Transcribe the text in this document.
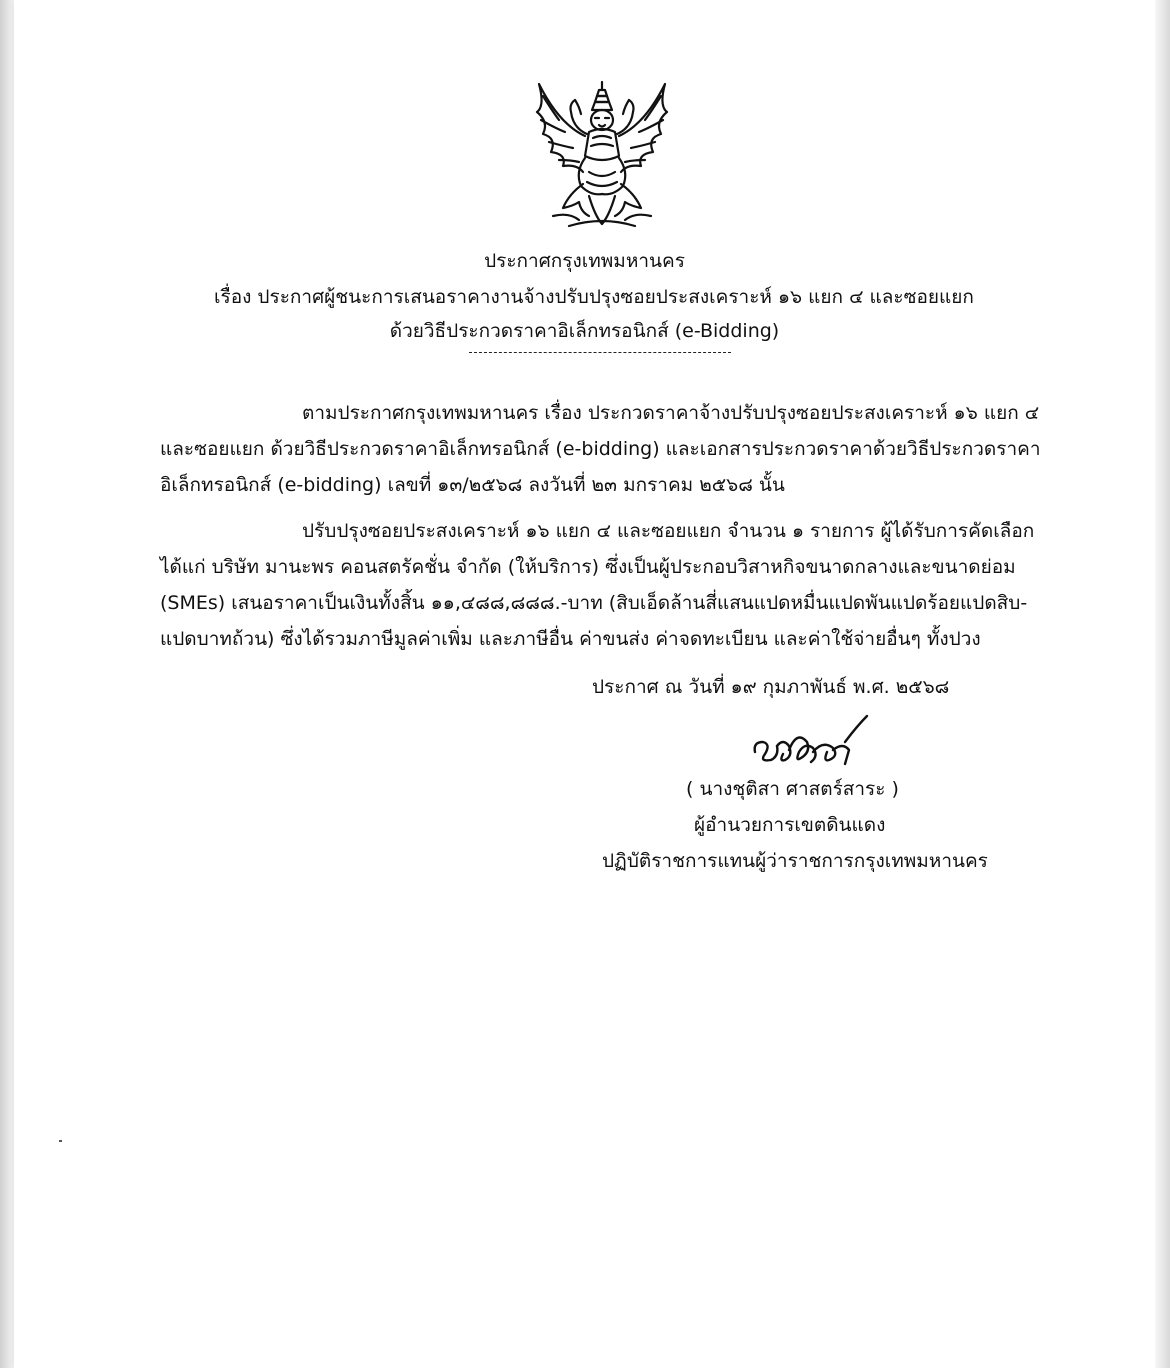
ประกาศกรุงเทพมหานคร
เรื่อง ประกาศผู้ชนะการเสนอราคางานจ้างปรับปรุงซอยประสงเคราะห์ ๑๖ แยก ๔ และซอยแยก
ด้วยวิธีประกวดราคาอิเล็กทรอนิกส์ (e-Bidding)
ตามประกาศกรุงเทพมหานคร เรื่อง ประกวดราคาจ้างปรับปรุงซอยประสงเคราะห์ ๑๖ แยก ๔
และซอยแยก ด้วยวิธีประกวดราคาอิเล็กทรอนิกส์ (e-bidding) และเอกสารประกวดราคาด้วยวิธีประกวดราคา
อิเล็กทรอนิกส์ (e-bidding) เลขที่ ๑๓/๒๕๖๘ ลงวันที่ ๒๓ มกราคม ๒๕๖๘ นั้น
ปรับปรุงซอยประสงเคราะห์ ๑๖ แยก ๔ และซอยแยก จำนวน ๑ รายการ ผู้ได้รับการคัดเลือก
ได้แก่ บริษัท มานะพร คอนสตรัคชั่น จำกัด (ให้บริการ) ซึ่งเป็นผู้ประกอบวิสาหกิจขนาดกลางและขนาดย่อม
(SMEs) เสนอราคาเป็นเงินทั้งสิ้น ๑๑,๔๘๘,๘๘๘.-บาท (สิบเอ็ดล้านสี่แสนแปดหมื่นแปดพันแปดร้อยแปดสิบ-
แปดบาทถ้วน) ซึ่งได้รวมภาษีมูลค่าเพิ่ม และภาษีอื่น ค่าขนส่ง ค่าจดทะเบียน และค่าใช้จ่ายอื่นๆ ทั้งปวง
ประกาศ ณ วันที่ ๑๙ กุมภาพันธ์ พ.ศ. ๒๕๖๘
( นางชุติสา ศาสตร์สาระ )
ผู้อำนวยการเขตดินแดง
ปฏิบัติราชการแทนผู้ว่าราชการกรุงเทพมหานคร
